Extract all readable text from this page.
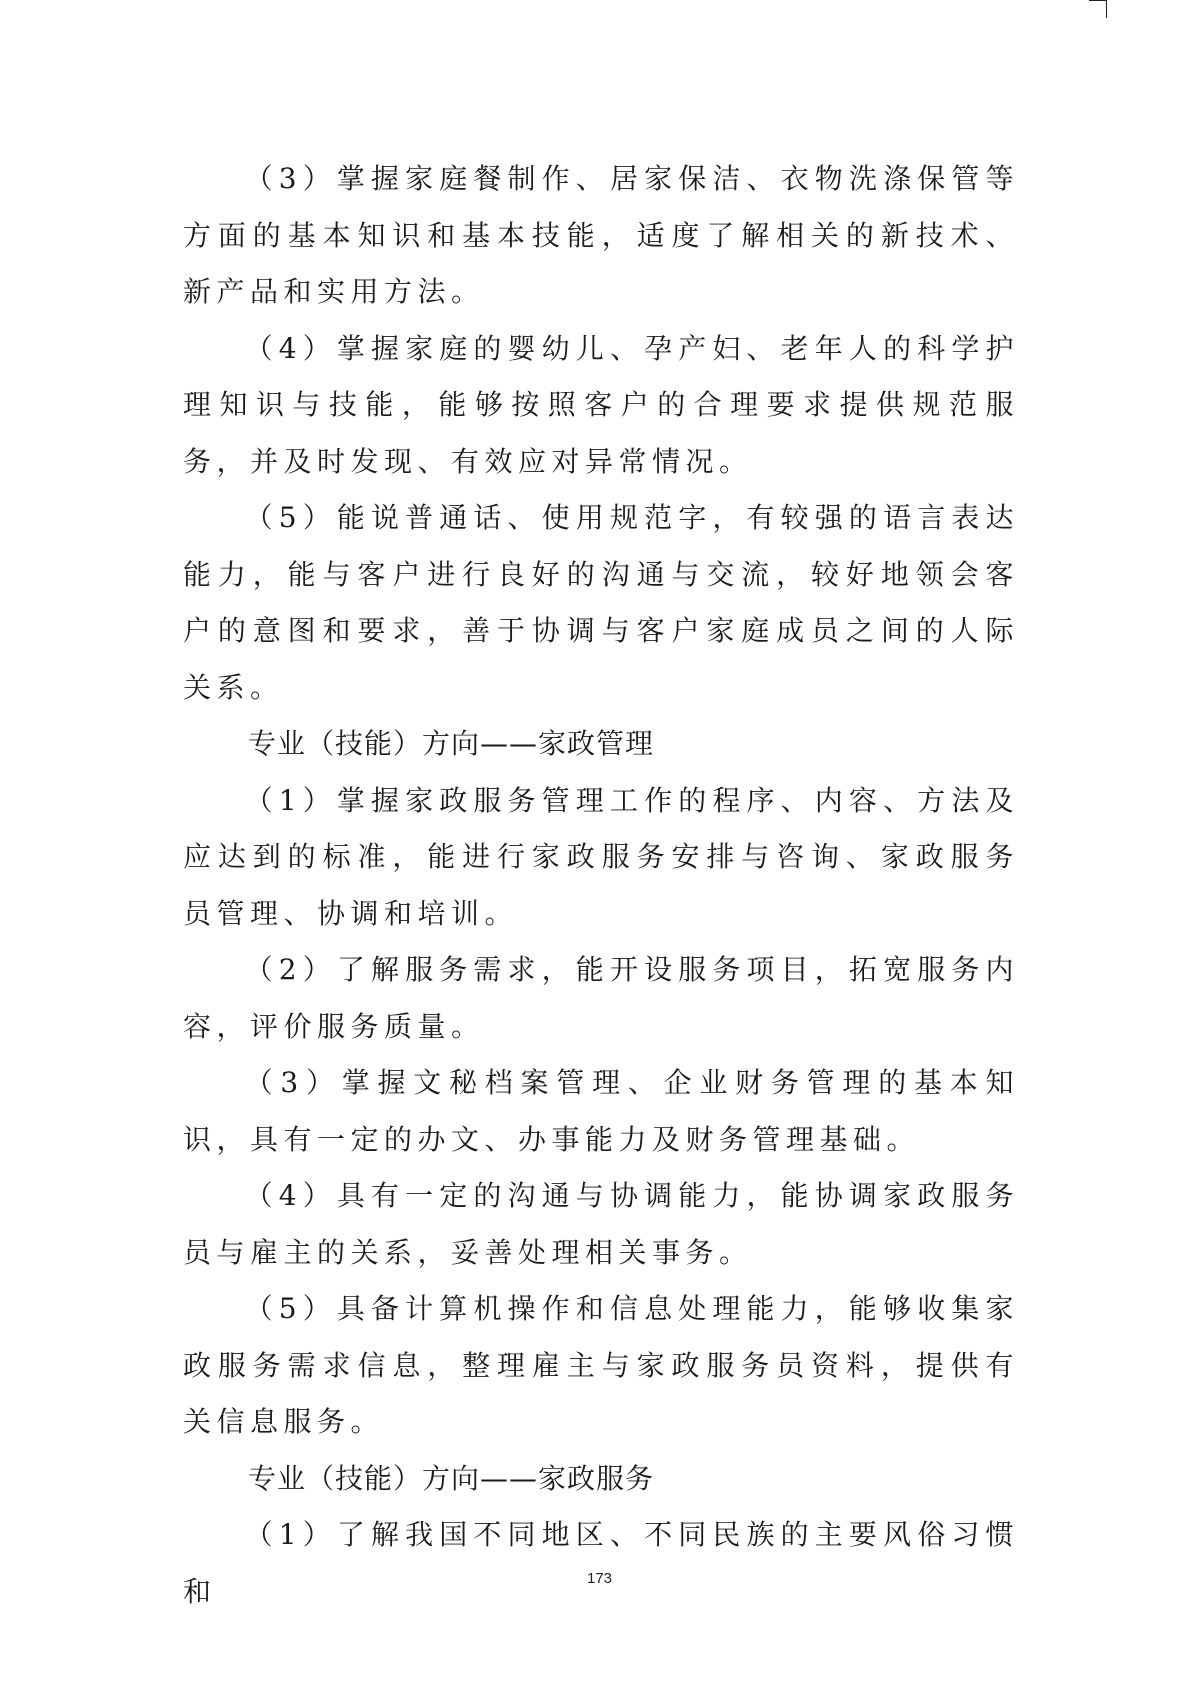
（3）掌握家庭餐制作、居家保洁、衣物洗涤保管等方面的基本知识和基本技能，适度了解相关的新技术、新产品和实用方法。

（4）掌握家庭的婴幼儿、孕产妇、老年人的科学护理知识与技能，能够按照客户的合理要求提供规范服务，并及时发现、有效应对异常情况。

（5）能说普通话、使用规范字，有较强的语言表达能力，能与客户进行良好的沟通与交流，较好地领会客户的意图和要求，善于协调与客户家庭成员之间的人际关系。

专业（技能）方向——家政管理

（1）掌握家政服务管理工作的程序、内容、方法及应达到的标准，能进行家政服务安排与咨询、家政服务员管理、协调和培训。

（2）了解服务需求，能开设服务项目，拓宽服务内容，评价服务质量。

（3）掌握文秘档案管理、企业财务管理的基本知识，具有一定的办文、办事能力及财务管理基础。

（4）具有一定的沟通与协调能力，能协调家政服务员与雇主的关系，妥善处理相关事务。

（5）具备计算机操作和信息处理能力，能够收集家政服务需求信息，整理雇主与家政服务员资料，提供有关信息服务。

专业（技能）方向——家政服务

（1）了解我国不同地区、不同民族的主要风俗习惯和	173
